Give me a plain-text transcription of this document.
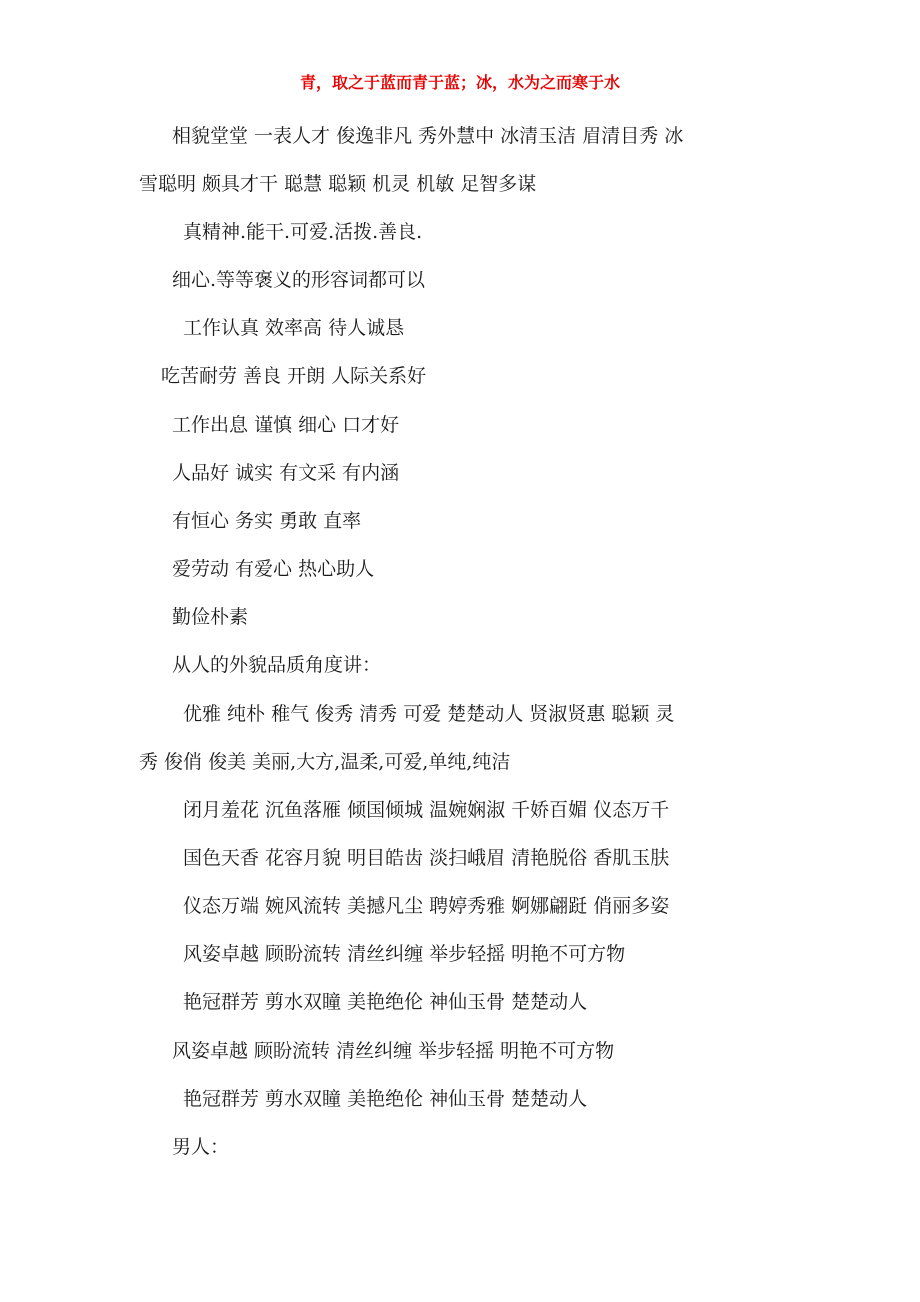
青，取之于蓝而青于蓝；冰，水为之而寒于水
相貌堂堂 一表人才 俊逸非凡 秀外慧中 冰清玉洁 眉清目秀 冰
雪聪明 颇具才干 聪慧 聪颖 机灵 机敏 足智多谋
真精神.能干.可爱.活拨.善良.
细心.等等褒义的形容词都可以
工作认真 效率高 待人诚恳
吃苦耐劳 善良 开朗 人际关系好
工作出息 谨慎 细心 口才好
人品好 诚实 有文采 有内涵
有恒心 务实 勇敢 直率
爱劳动 有爱心 热心助人
勤俭朴素
从人的外貌品质角度讲：
优雅 纯朴 稚气 俊秀 清秀 可爱 楚楚动人 贤淑贤惠 聪颖 灵
秀 俊俏 俊美 美丽,大方,温柔,可爱,单纯,纯洁
闭月羞花 沉鱼落雁 倾国倾城 温婉娴淑 千娇百媚 仪态万千
国色天香 花容月貌 明目皓齿 淡扫峨眉 清艳脱俗 香肌玉肤
仪态万端 婉风流转 美撼凡尘 聘婷秀雅 婀娜翩跹 俏丽多姿
风姿卓越 顾盼流转 清丝纠缠 举步轻摇 明艳不可方物
艳冠群芳 剪水双瞳 美艳绝伦 神仙玉骨 楚楚动人
风姿卓越 顾盼流转 清丝纠缠 举步轻摇 明艳不可方物
艳冠群芳 剪水双瞳 美艳绝伦 神仙玉骨 楚楚动人
男人：
